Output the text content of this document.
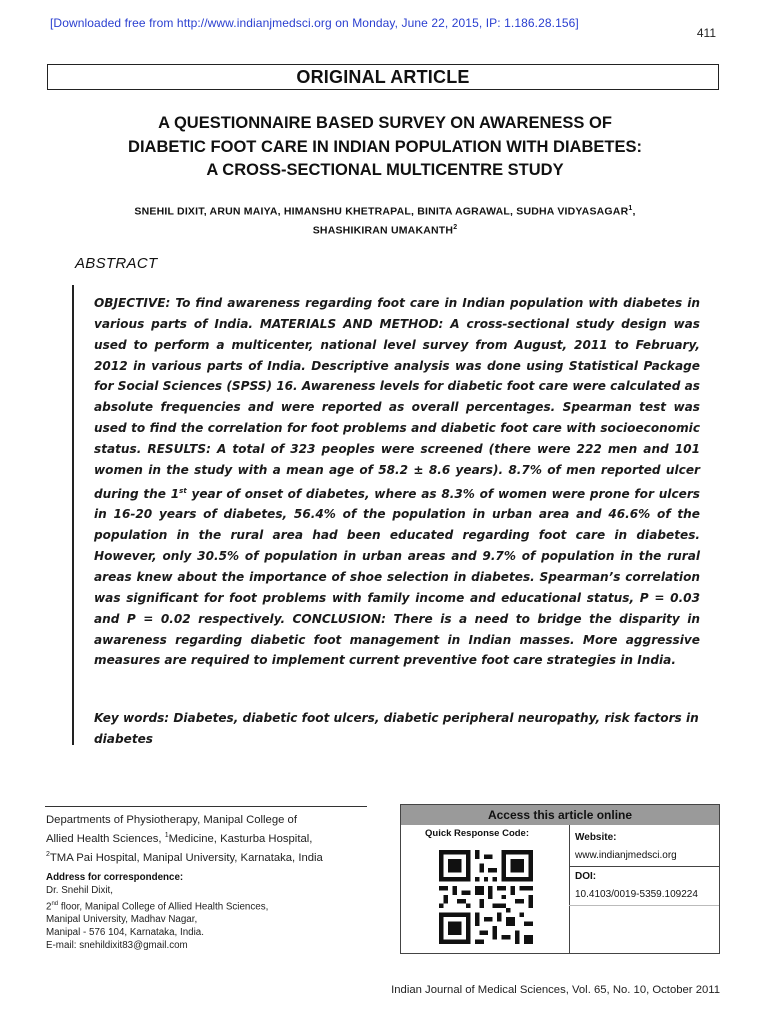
[Downloaded free from http://www.indianjmedsci.org on Monday, June 22, 2015, IP: 1.186.28.156]
411
ORIGINAL ARTICLE
A QUESTIONNAIRE BASED SURVEY ON AWARENESS OF
DIABETIC FOOT CARE IN INDIAN POPULATION WITH DIABETES:
A CROSS-SECTIONAL MULTICENTRE STUDY
SNEHIL DIXIT, ARUN MAIYA, HIMANSHU KHETRAPAL, BINITA AGRAWAL, SUDHA VIDYASAGAR$^1$,
SHASHIKIRAN UMAKANTH$^2$
ABSTRACT
OBJECTIVE: To find awareness regarding foot care in Indian population with diabetes in various parts of India. MATERIALS AND METHOD: A cross-sectional study design was used to perform a multicenter, national level survey from August, 2011 to February, 2012 in various parts of India. Descriptive analysis was done using Statistical Package for Social Sciences (SPSS) 16. Awareness levels for diabetic foot care were calculated as absolute frequencies and were reported as overall percentages. Spearman test was used to find the correlation for foot problems and diabetic foot care with socioeconomic status. RESULTS: A total of 323 peoples were screened (there were 222 men and 101 women in the study with a mean age of 58.2 ± 8.6 years). 8.7% of men reported ulcer during the 1st year of onset of diabetes, where as 8.3% of women were prone for ulcers in 16-20 years of diabetes, 56.4% of the population in urban area and 46.6% of the population in the rural area had been educated regarding foot care in diabetes. However, only 30.5% of population in urban areas and 9.7% of population in the rural areas knew about the importance of shoe selection in diabetes. Spearman’s correlation was significant for foot problems with family income and educational status, P = 0.03 and P = 0.02 respectively. CONCLUSION: There is a need to bridge the disparity in awareness regarding diabetic foot management in Indian masses. More aggressive measures are required to implement current preventive foot care strategies in India.
Key words: Diabetes, diabetic foot ulcers, diabetic peripheral neuropathy, risk factors in diabetes
Departments of Physiotherapy, Manipal College of
Allied Health Sciences, $^1$Medicine, Kasturba Hospital,
$^2$TMA Pai Hospital, Manipal University, Karnataka, India
Address for correspondence:
Dr. Snehil Dixit,
2nd floor, Manipal College of Allied Health Sciences,
Manipal University, Madhav Nagar,
Manipal - 576 104, Karnataka, India.
E-mail: snehildixit83@gmail.com
Access this article online
Quick Response Code:	Website:
www.indianjmedsci.org
DOI:
10.4103/0019-5359.109224
Indian Journal of Medical Sciences, Vol. 65, No. 10, October 2011
